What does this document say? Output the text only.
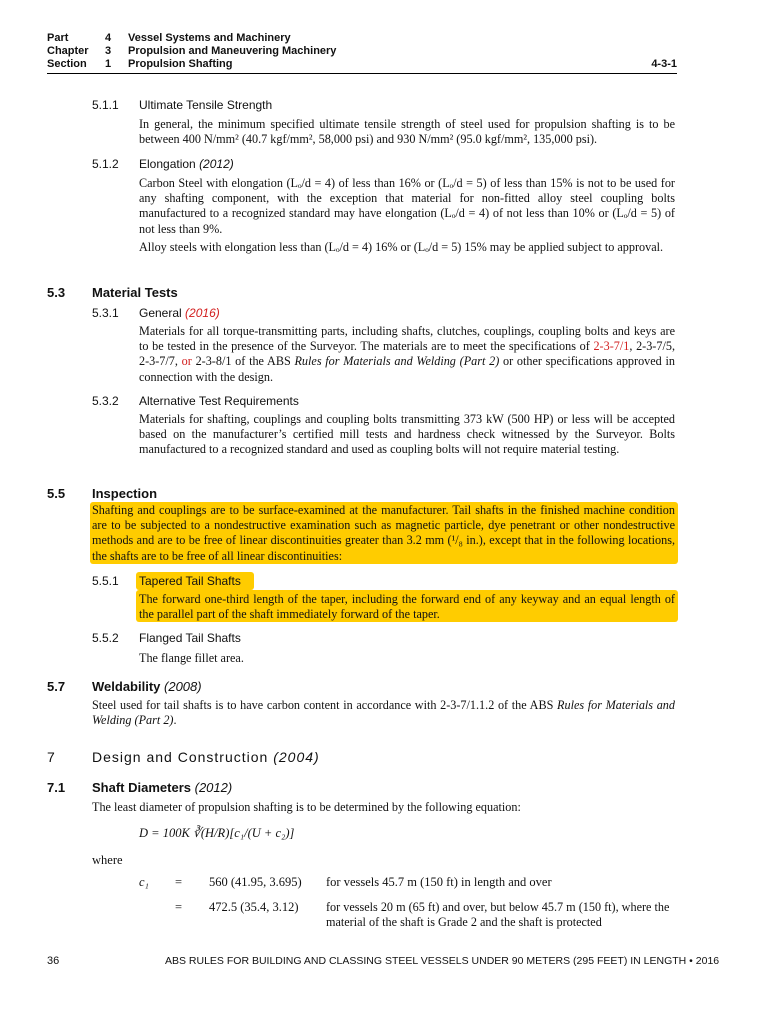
Part	4 Vessel Systems and Machinery
Chapter 3 Propulsion and Maneuvering Machinery
Section 1 Propulsion Shafting	4-3-1
5.1.1 Ultimate Tensile Strength
In general, the minimum specified ultimate tensile strength of steel used for propulsion shafting is to be between 400 N/mm² (40.7 kgf/mm², 58,000 psi) and 930 N/mm² (95.0 kgf/mm², 135,000 psi).
5.1.2 Elongation (2012)
Carbon Steel with elongation (Lₒ/d = 4) of less than 16% or (Lₒ/d = 5) of less than 15% is not to be used for any shafting component, with the exception that material for non-fitted alloy steel coupling bolts manufactured to a recognized standard may have elongation (Lₒ/d = 4) of not less than 10% or (Lₒ/d = 5) of not less than 9%.
Alloy steels with elongation less than (Lₒ/d = 4) 16% or (Lₒ/d = 5) 15% may be applied subject to approval.
5.3 Material Tests
5.3.1 General (2016)
Materials for all torque-transmitting parts, including shafts, clutches, couplings, coupling bolts and keys are to be tested in the presence of the Surveyor. The materials are to meet the specifications of 2-3-7/1, 2-3-7/5, 2-3-7/7, or 2-3-8/1 of the ABS Rules for Materials and Welding (Part 2) or other specifications approved in connection with the design.
5.3.2 Alternative Test Requirements
Materials for shafting, couplings and coupling bolts transmitting 373 kW (500 HP) or less will be accepted based on the manufacturer’s certified mill tests and hardness check witnessed by the Surveyor. Bolts manufactured to a recognized standard and used as coupling bolts will not require material testing.
5.5 Inspection
Shafting and couplings are to be surface-examined at the manufacturer. Tail shafts in the finished machine condition are to be subjected to a nondestructive examination such as magnetic particle, dye penetrant or other nondestructive methods and are to be free of linear discontinuities greater than 3.2 mm (¹/₈ in.), except that in the following locations, the shafts are to be free of all linear discontinuities:
5.5.1 Tapered Tail Shafts
The forward one-third length of the taper, including the forward end of any keyway and an equal length of the parallel part of the shaft immediately forward of the taper.
5.5.2 Flanged Tail Shafts
The flange fillet area.
5.7 Weldability (2008)
Steel used for tail shafts is to have carbon content in accordance with 2-3-7/1.1.2 of the ABS Rules for Materials and Welding (Part 2).
7	Design and Construction (2004)
7.1 Shaft Diameters (2012)
The least diameter of propulsion shafting is to be determined by the following equation:
D = 100K ∛(H/R)[c₁/(U + c₂)]
where
c₁ = 560 (41.95, 3.695) for vessels 45.7 m (150 ft) in length and over
= 472.5 (35.4, 3.12) for vessels 20 m (65 ft) and over, but below 45.7 m (150 ft), where the material of the shaft is Grade 2 and the shaft is protected
36	ABS RULES FOR BUILDING AND CLASSING STEEL VESSELS UNDER 90 METERS (295 FEET) IN LENGTH • 2016
